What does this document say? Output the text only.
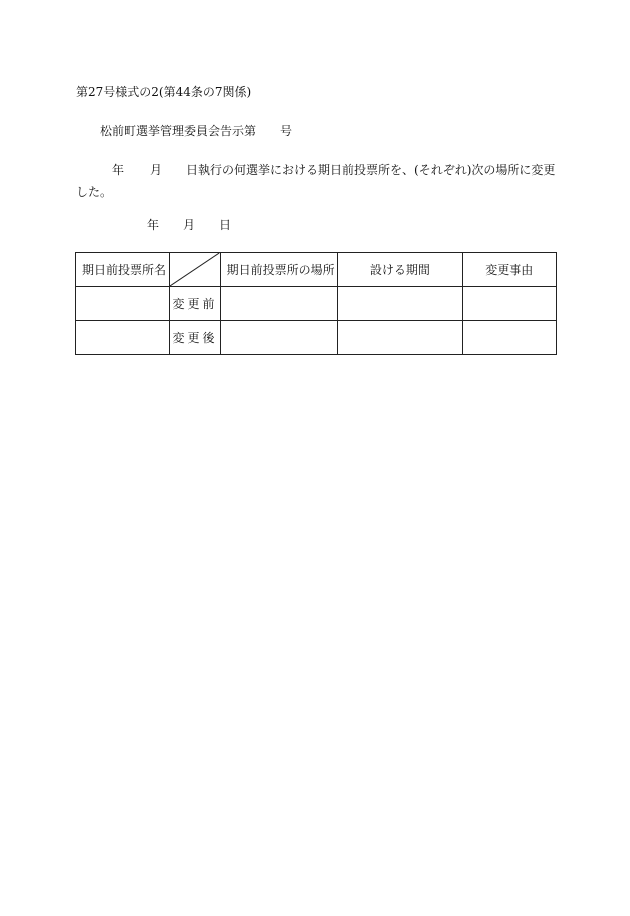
第27号様式の2(第44条の7関係)
松前町選挙管理委員会告示第　　号
年 月 日執行の何選挙における期日前投票所を、(それぞれ)次の場所に変更した。
年 月 日
期日前投票所名		期日前投票所の場所	設ける期間	変更事由
	変更前			
	変更後			
